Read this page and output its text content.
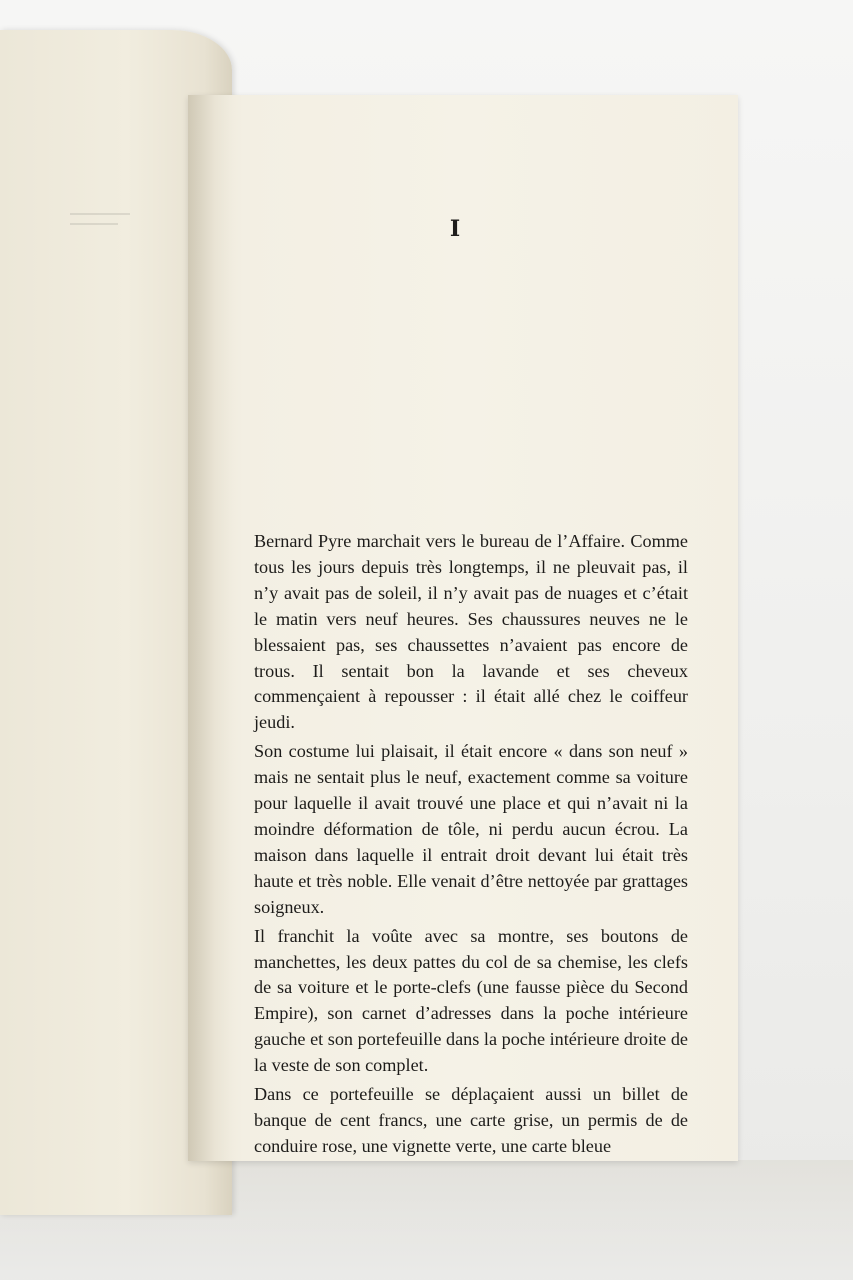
I

Bernard Pyre marchait vers le bureau de l’Affaire. Comme tous les jours depuis très longtemps, il ne pleuvait pas, il n’y avait pas de soleil, il n’y avait pas de nuages et c’était le matin vers neuf heures. Ses chaussures neuves ne le blessaient pas, ses chaussettes n’avaient pas encore de trous. Il sentait bon la lavande et ses cheveux commençaient à repousser : il était allé chez le coiffeur jeudi.

Son costume lui plaisait, il était encore « dans son neuf » mais ne sentait plus le neuf, exactement comme sa voiture pour laquelle il avait trouvé une place et qui n’avait ni la moindre déformation de tôle, ni perdu aucun écrou. La maison dans laquelle il entrait droit devant lui était très haute et très noble. Elle venait d’être nettoyée par grattages soigneux.

Il franchit la voûte avec sa montre, ses boutons de manchettes, les deux pattes du col de sa chemise, les clefs de sa voiture et le porte-clefs (une fausse pièce du Second Empire), son carnet d’adresses dans la poche intérieure gauche et son portefeuille dans la poche intérieure droite de la veste de son complet.

Dans ce portefeuille se déplaçaient aussi un billet de banque de cent francs, une carte grise, un permis de de conduire rose, une vignette verte, une carte bleue
